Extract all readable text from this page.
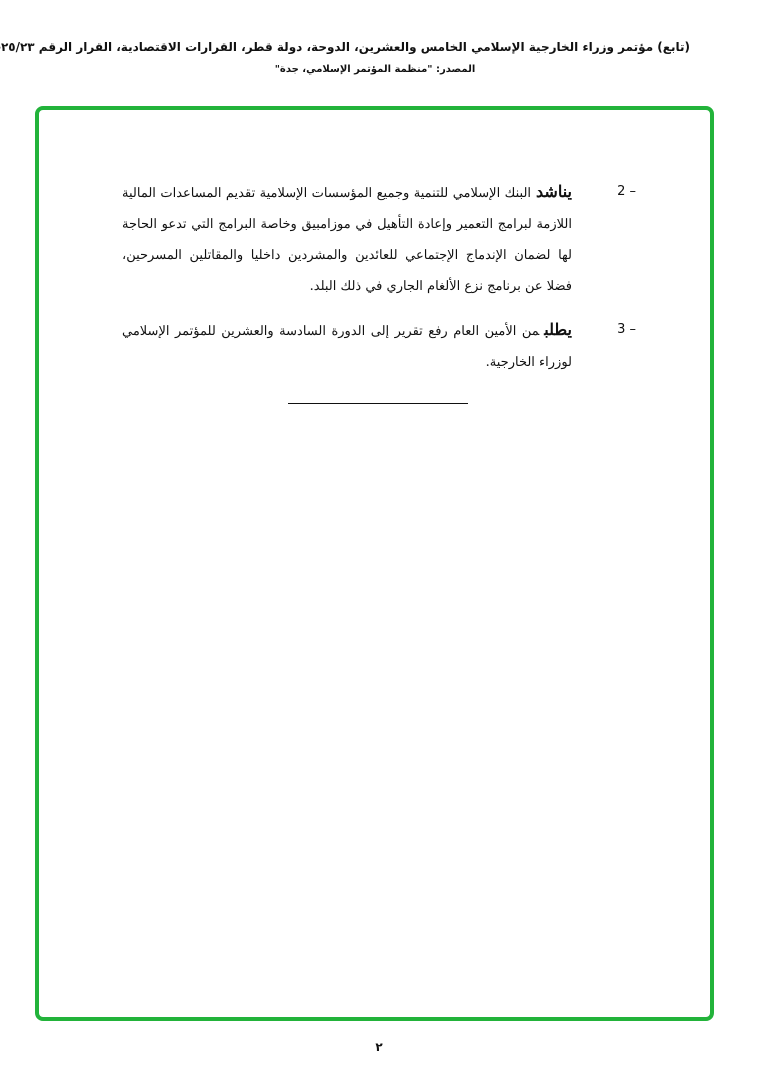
(تابع) مؤتمر وزراء الخارجية الإسلامي الخامس والعشرين، الدوحة، دولة قطر، القرارات الاقتصادية، القرار الرقم ٢٥/٢٣
المصدر: "منظمة المؤتمر الإسلامي، جدة"
2 –
يناشدالبنك الإسلامي للتنمية وجميع المؤسسات الإسلامية تقديم المساعدات المالية اللازمة لبرامج التعمير وإعادة التأهيل في موزامبيق وخاصة البرامج التي تدعو الحاجة لها لضمان الإندماج الإجتماعي للعائدين والمشردين داخليا والمقاتلين المسرحين، فضلا عن برنامج نزع الألغام الجاري في ذلك البلد.
3 –
يطلبمن الأمين العام رفع تقرير إلى الدورة السادسة والعشرين للمؤتمر الإسلامي لوزراء الخارجية.
٢
